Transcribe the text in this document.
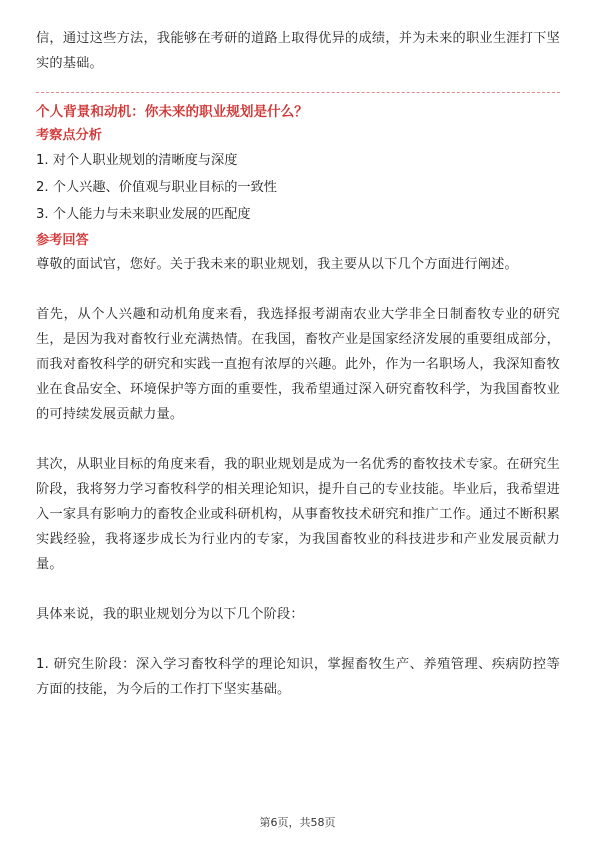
信，通过这些方法，我能够在考研的道路上取得优异的成绩，并为未来的职业生涯打下坚实的基础。

个人背景和动机：你未来的职业规划是什么？

考察点分析

1. 对个人职业规划的清晰度与深度

2. 个人兴趣、价值观与职业目标的一致性

3. 个人能力与未来职业发展的匹配度

参考回答

尊敬的面试官，您好。关于我未来的职业规划，我主要从以下几个方面进行阐述。

首先，从个人兴趣和动机角度来看，我选择报考湖南农业大学非全日制畜牧专业的研究生，是因为我对畜牧行业充满热情。在我国，畜牧产业是国家经济发展的重要组成部分，而我对畜牧科学的研究和实践一直抱有浓厚的兴趣。此外，作为一名职场人，我深知畜牧业在食品安全、环境保护等方面的重要性，我希望通过深入研究畜牧科学，为我国畜牧业的可持续发展贡献力量。

其次，从职业目标的角度来看，我的职业规划是成为一名优秀的畜牧技术专家。在研究生阶段，我将努力学习畜牧科学的相关理论知识，提升自己的专业技能。毕业后，我希望进入一家具有影响力的畜牧企业或科研机构，从事畜牧技术研究和推广工作。通过不断积累实践经验，我将逐步成长为行业内的专家，为我国畜牧业的科技进步和产业发展贡献力量。

具体来说，我的职业规划分为以下几个阶段：

1. 研究生阶段：深入学习畜牧科学的理论知识，掌握畜牧生产、养殖管理、疾病防控等方面的技能，为今后的工作打下坚实基础。

第6页，共58页
